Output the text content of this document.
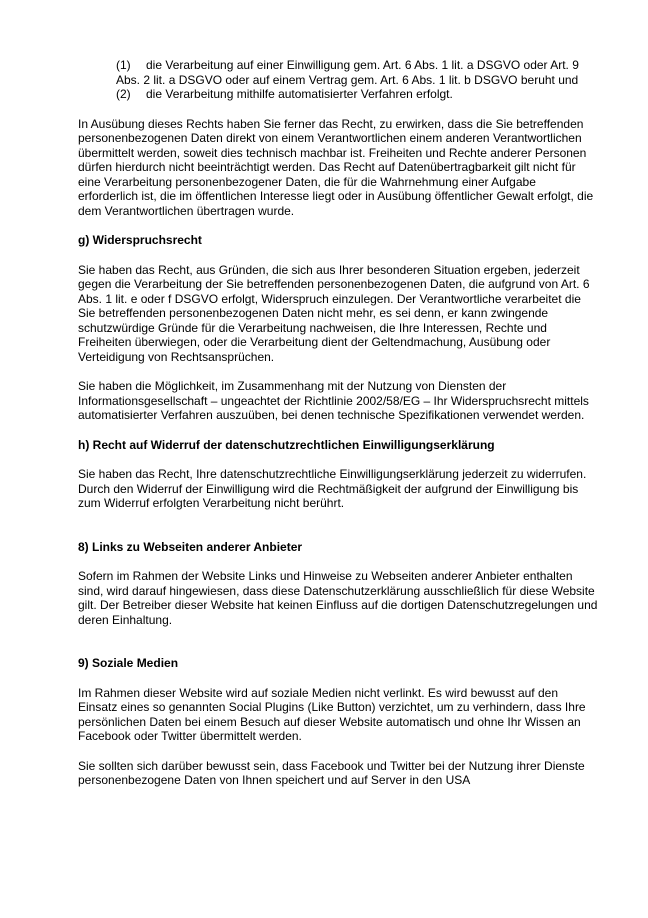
(1) die Verarbeitung auf einer Einwilligung gem. Art. 6 Abs. 1 lit. a DSGVO oder Art. 9 Abs. 2 lit. a DSGVO oder auf einem Vertrag gem. Art. 6 Abs. 1 lit. b DSGVO beruht und
(2) die Verarbeitung mithilfe automatisierter Verfahren erfolgt.

In Ausübung dieses Rechts haben Sie ferner das Recht, zu erwirken, dass die Sie betreffenden personenbezogenen Daten direkt von einem Verantwortlichen einem anderen Verantwortlichen übermittelt werden, soweit dies technisch machbar ist. Freiheiten und Rechte anderer Personen dürfen hierdurch nicht beeinträchtigt werden. Das Recht auf Datenübertragbarkeit gilt nicht für eine Verarbeitung personenbezogener Daten, die für die Wahrnehmung einer Aufgabe erforderlich ist, die im öffentlichen Interesse liegt oder in Ausübung öffentlicher Gewalt erfolgt, die dem Verantwortlichen übertragen wurde.

g) Widerspruchsrecht

Sie haben das Recht, aus Gründen, die sich aus Ihrer besonderen Situation ergeben, jederzeit gegen die Verarbeitung der Sie betreffenden personenbezogenen Daten, die aufgrund von Art. 6 Abs. 1 lit. e oder f DSGVO erfolgt, Widerspruch einzulegen. Der Verantwortliche verarbeitet die Sie betreffenden personenbezogenen Daten nicht mehr, es sei denn, er kann zwingende schutzwürdige Gründe für die Verarbeitung nachweisen, die Ihre Interessen, Rechte und Freiheiten überwiegen, oder die Verarbeitung dient der Geltendmachung, Ausübung oder Verteidigung von Rechtsansprüchen.

Sie haben die Möglichkeit, im Zusammenhang mit der Nutzung von Diensten der Informationsgesellschaft – ungeachtet der Richtlinie 2002/58/EG – Ihr Widerspruchsrecht mittels automatisierter Verfahren auszuüben, bei denen technische Spezifikationen verwendet werden.

h) Recht auf Widerruf der datenschutzrechtlichen Einwilligungserklärung

Sie haben das Recht, Ihre datenschutzrechtliche Einwilligungserklärung jederzeit zu widerrufen. Durch den Widerruf der Einwilligung wird die Rechtmäßigkeit der aufgrund der Einwilligung bis zum Widerruf erfolgten Verarbeitung nicht berührt.

8) Links zu Webseiten anderer Anbieter

Sofern im Rahmen der Website Links und Hinweise zu Webseiten anderer Anbieter enthalten sind, wird darauf hingewiesen, dass diese Datenschutzerklärung ausschließlich für diese Website gilt. Der Betreiber dieser Website hat keinen Einfluss auf die dortigen Datenschutzregelungen und deren Einhaltung.

9) Soziale Medien

Im Rahmen dieser Website wird auf soziale Medien nicht verlinkt. Es wird bewusst auf den Einsatz eines so genannten Social Plugins (Like Button) verzichtet, um zu verhindern, dass Ihre persönlichen Daten bei einem Besuch auf dieser Website automatisch und ohne Ihr Wissen an Facebook oder Twitter übermittelt werden.

Sie sollten sich darüber bewusst sein, dass Facebook und Twitter bei der Nutzung ihrer Dienste personenbezogene Daten von Ihnen speichert und auf Server in den USA
